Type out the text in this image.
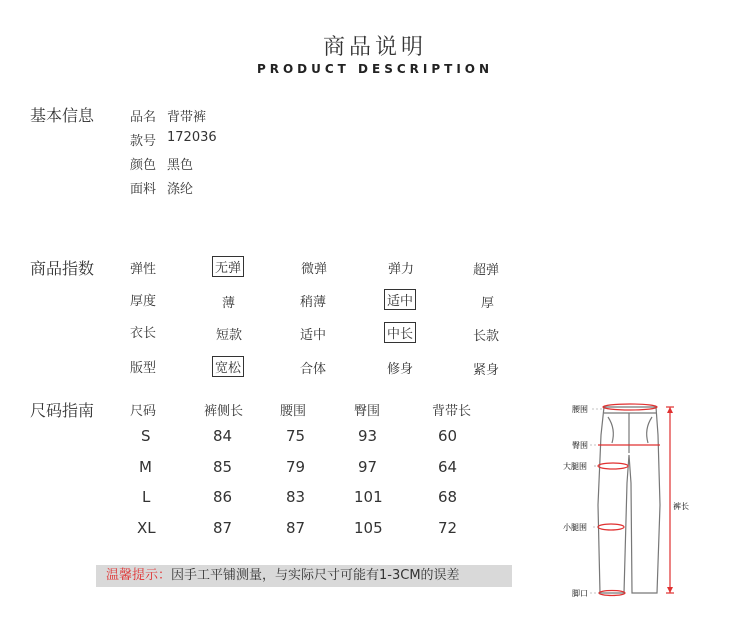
商品说明
PRODUCT DESCRIPTION
基本信息	品名 背带裤
款号 172036
颜色 黑色
面料 涤纶
商品指数	弹性	无弹	微弹	弹力	超弹
厚度	薄	稍薄	适中	厚
衣长	短款	适中	中长	长款
版型	宽松	合体	修身	紧身
尺码指南	尺码	裤侧长	腰围	臀围	背带长
S	84	75	93	60
M	85	79	97	64
L	86	83	101	68
XL	87	87	105	72
温馨提示：因手工平铺测量，与实际尺寸可能有1-3CM的误差
腰围
臀围
大腿围
裤长
小腿围
脚口
